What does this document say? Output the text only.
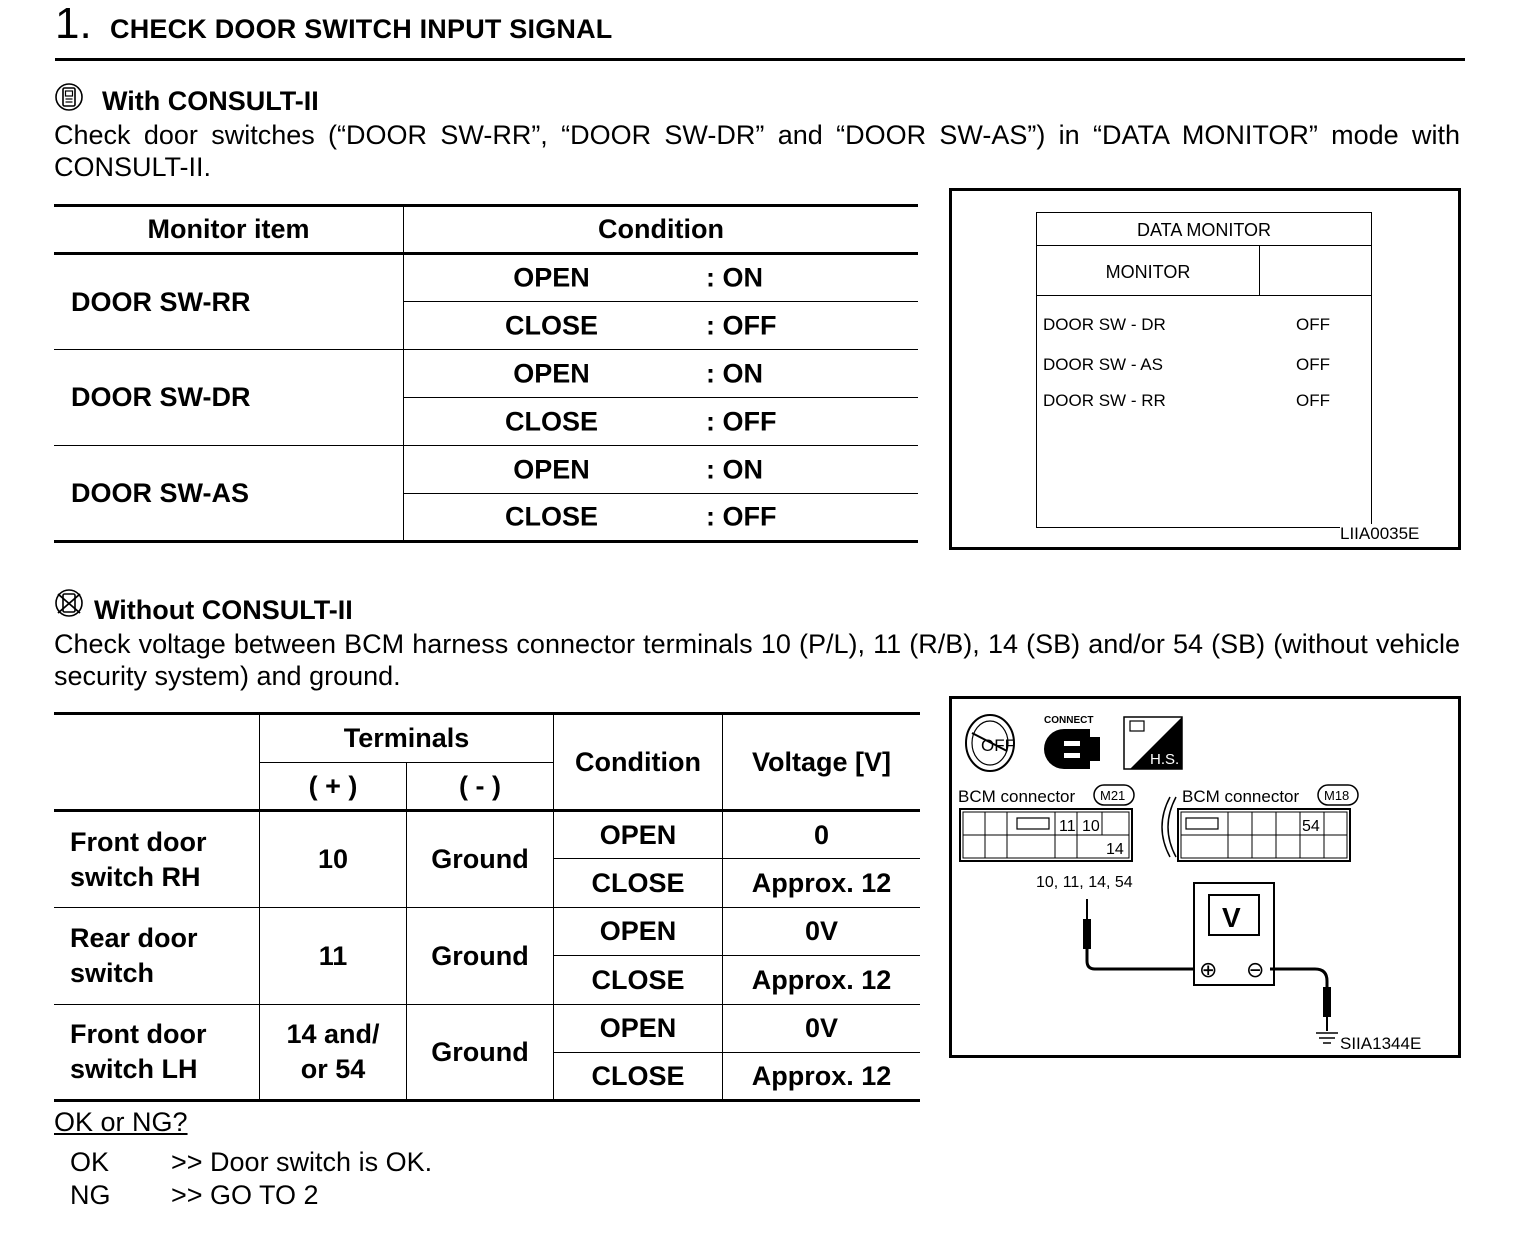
1. CHECK DOOR SWITCH INPUT SIGNAL
With CONSULT-II
Check door switches (“DOOR SW-RR”, “DOOR SW-DR” and “DOOR SW-AS”) in “DATA MONITOR” mode with CONSULT-II.
Monitor item	Condition
DOOR SW-RR	OPEN : ON

	CLOSE : OFF

DOOR SW-DR	OPEN : ON

	CLOSE : OFF

DOOR SW-AS	OPEN : ON

	CLOSE : OFF
DATA MONITOR
MONITOR
DOOR SW - DR	OFF
DOOR SW - AS	OFF
DOOR SW - RR	OFF
LIIA0035E
Without CONSULT-II
Check voltage between BCM harness connector terminals 10 (P/L), 11 (R/B), 14 (SB) and/or 54 (SB) (without vehicle security system) and ground.
	Terminals		Condition	Voltage [V]
	( + )	( - )		
Front door
switch RH	10	Ground	OPEN	0
			CLOSE	Approx. 12
Rear door
switch	11	Ground	OPEN	0V
			CLOSE	Approx. 12
Front door
switch LH	14 and/
or 54	Ground	OPEN	0V
			CLOSE	Approx. 12
OFF
CONNECT
H.S.
BCM connector M21
11 10
14
BCM connector M18
54
10, 11, 14, 54
V
⊕ ⊖
SIIA1344E
OK or NG?
OK >> Door switch is OK.
NG >> GO TO 2
